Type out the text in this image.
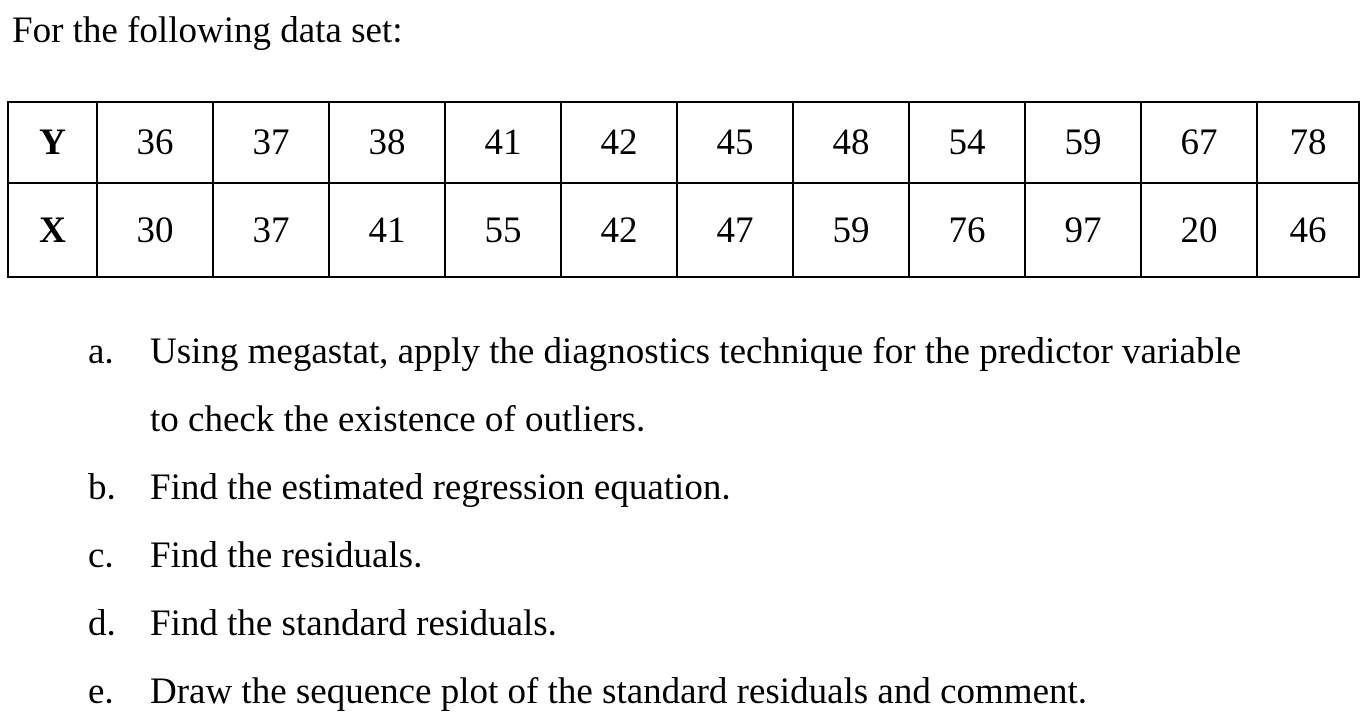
For the following data set:
Y	36	37	38	41	42	45	48	54	59	67	78
X	30	37	41	55	42	47	59	76	97	20	46
a. Using megastat, apply the diagnostics technique for the predictor variable
to check the existence of outliers.
b. Find the estimated regression equation.
c. Find the residuals.
d. Find the standard residuals.
e. Draw the sequence plot of the standard residuals and comment.
